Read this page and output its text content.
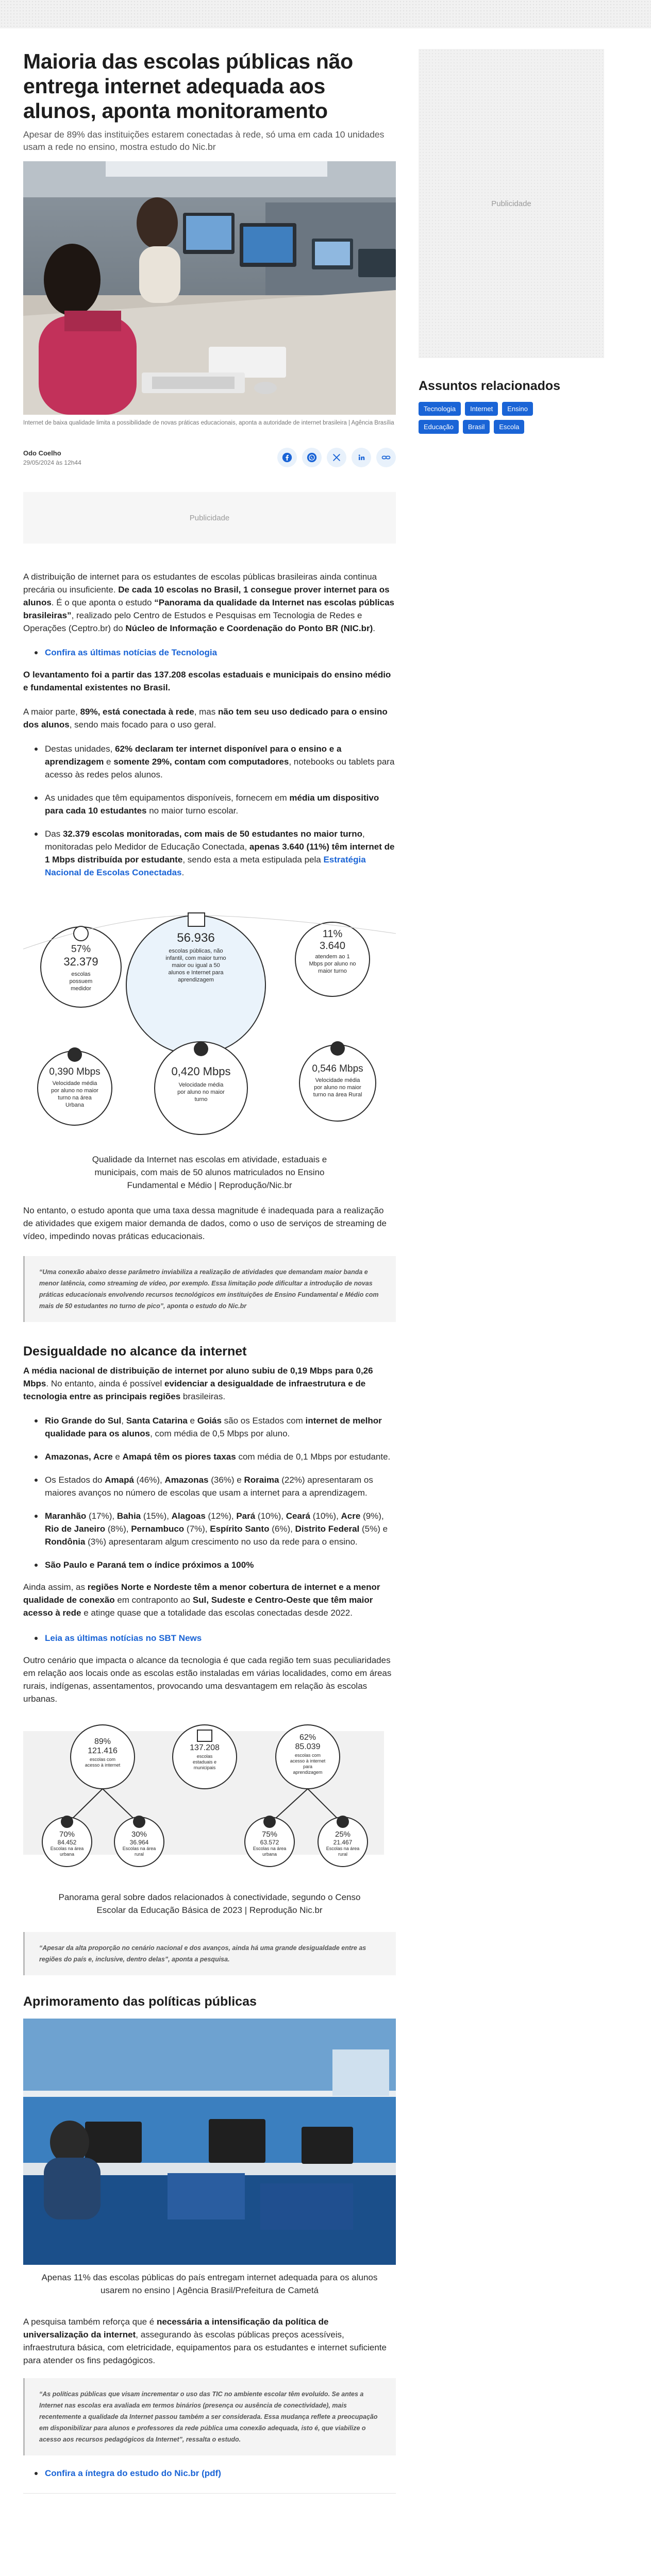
Maioria das escolas públicas não entrega internet adequada aos alunos, aponta monitoramento

Apesar de 89% das instituições estarem conectadas à rede, só uma em cada 10 unidades usam a rede no ensino, mostra estudo do Nic.br

Internet de baixa qualidade limita a possibilidade de novas práticas educacionais, aponta a autoridade de internet brasileira | Agência Brasília

Odo Coelho
29/05/2024 às 12h44
Publicidade

A distribuição de internet para os estudantes de escolas públicas brasileiras ainda continua precária ou insuficiente. De cada 10 escolas no Brasil, 1 consegue prover internet para os alunos. É o que aponta o estudo “Panorama da qualidade da Internet nas escolas públicas brasileiras”, realizado pelo Centro de Estudos e Pesquisas em Tecnologia de Redes e Operações (Ceptro.br) do Núcleo de Informação e Coordenação do Ponto BR (NIC.br).

Confira as últimas notícias de Tecnologia

O levantamento foi a partir das 137.208 escolas estaduais e municipais do ensino médio e fundamental existentes no Brasil.

A maior parte, 89%, está conectada à rede, mas não tem seu uso dedicado para o ensino dos alunos, sendo mais focado para o uso geral.

Destas unidades, 62% declaram ter internet disponível para o ensino e a aprendizagem e somente 29%, contam com computadores, notebooks ou tablets para acesso às redes pelos alunos.
As unidades que têm equipamentos disponíveis, fornecem em média um dispositivo para cada 10 estudantes no maior turno escolar.
Das 32.379 escolas monitoradas, com mais de 50 estudantes no maior turno, monitoradas pelo Medidor de Educação Conectada, apenas 3.640 (11%) têm internet de 1 Mbps distribuída por estudante, sendo esta a meta estipulada pela Estratégia Nacional de Escolas Conectadas.
57%
32.379
escolas possuem medidor
56.936
escolas públicas, não infantil, com maior turno maior ou igual a 50 alunos e Internet para aprendizagem
11%
3.640
atendem ao 1 Mbps por aluno no maior turno
0,390 Mbps
Velocidade média por aluno no maior turno na área Urbana
0,420 Mbps
Velocidade média por aluno no maior turno
0,546 Mbps
Velocidade média por aluno no maior turno na área Rural

Qualidade da Internet nas escolas em atividade, estaduais e municipais, com mais de 50 alunos matriculados no Ensino Fundamental e Médio | Reprodução/Nic.br

No entanto, o estudo aponta que uma taxa dessa magnitude é inadequada para a realização de atividades que exigem maior demanda de dados, como o uso de serviços de streaming de vídeo, impedindo novas práticas educacionais.

“Uma conexão abaixo desse parâmetro inviabiliza a realização de atividades que demandam maior banda e menor latência, como streaming de vídeo, por exemplo. Essa limitação pode dificultar a introdução de novas práticas educacionais envolvendo recursos tecnológicos em instituições de Ensino Fundamental e Médio com mais de 50 estudantes no turno de pico”, aponta o estudo do Nic.br

Desigualdade no alcance da internet

A média nacional de distribuição de internet por aluno subiu de 0,19 Mbps para 0,26 Mbps. No entanto, ainda é possível evidenciar a desigualdade de infraestrutura e de tecnologia entre as principais regiões brasileiras.

Rio Grande do Sul, Santa Catarina e Goiás são os Estados com internet de melhor qualidade para os alunos, com média de 0,5 Mbps por aluno.
Amazonas, Acre e Amapá têm os piores taxas com média de 0,1 Mbps por estudante.
Os Estados do Amapá (46%), Amazonas (36%) e Roraima (22%) apresentaram os maiores avanços no número de escolas que usam a internet para a aprendizagem.
Maranhão (17%), Bahia (15%), Alagoas (12%), Pará (10%), Ceará (10%), Acre (9%), Rio de Janeiro (8%), Pernambuco (7%), Espírito Santo (6%), Distrito Federal (5%) e Rondônia (3%) apresentaram algum crescimento no uso da rede para o ensino.
São Paulo e Paraná tem o índice próximos a 100%

Ainda assim, as regiões Norte e Nordeste têm a menor cobertura de internet e a menor qualidade de conexão em contraponto ao Sul, Sudeste e Centro-Oeste que têm maior acesso à rede e atinge quase que a totalidade das escolas conectadas desde 2022.

Leia as últimas notícias no SBT News

Outro cenário que impacta o alcance da tecnologia é que cada região tem suas peculiaridades em relação aos locais onde as escolas estão instaladas em várias localidades, como em áreas rurais, indígenas, assentamentos, provocando uma desvantagem em relação às escolas urbanas.

89%
121.416
escolas com acesso à internet
137.208
escolas estaduais e municipais
62%
85.039
escolas com acesso à internet para aprendizagem
70%
84.452
Escolas na área urbana
30%
36.964
Escolas na área rural
75%
63.572
Escolas na área urbana
25%
21.467
Escolas na área rural

Panorama geral sobre dados relacionados à conectividade, segundo o Censo Escolar da Educação Básica de 2023 | Reprodução Nic.br

“Apesar da alta proporção no cenário nacional e dos avanços, ainda há uma grande desigualdade entre as regiões do país e, inclusive, dentro delas”, aponta a pesquisa.

Aprimoramento das políticas públicas

Apenas 11% das escolas públicas do país entregam internet adequada para os alunos usarem no ensino | Agência Brasil/Prefeitura de Cametá

A pesquisa também reforça que é necessária a intensificação da política de universalização da internet, assegurando às escolas públicas preços acessíveis, infraestrutura básica, com eletricidade, equipamentos para os estudantes e internet suficiente para atender os fins pedagógicos.

“As políticas públicas que visam incrementar o uso das TIC no ambiente escolar têm evoluído. Se antes a Internet nas escolas era avaliada em termos binários (presença ou ausência de conectividade), mais recentemente a qualidade da Internet passou também a ser considerada. Essa mudança reflete a preocupação em disponibilizar para alunos e professores da rede pública uma conexão adequada, isto é, que viabilize o acesso aos recursos pedagógicos da Internet”, ressalta o estudo.

Confira a íntegra do estudo do Nic.br (pdf)
Publicidade
Assuntos relacionados
Tecnologia	Internet	Ensino
Educação	Brasil	Escola
